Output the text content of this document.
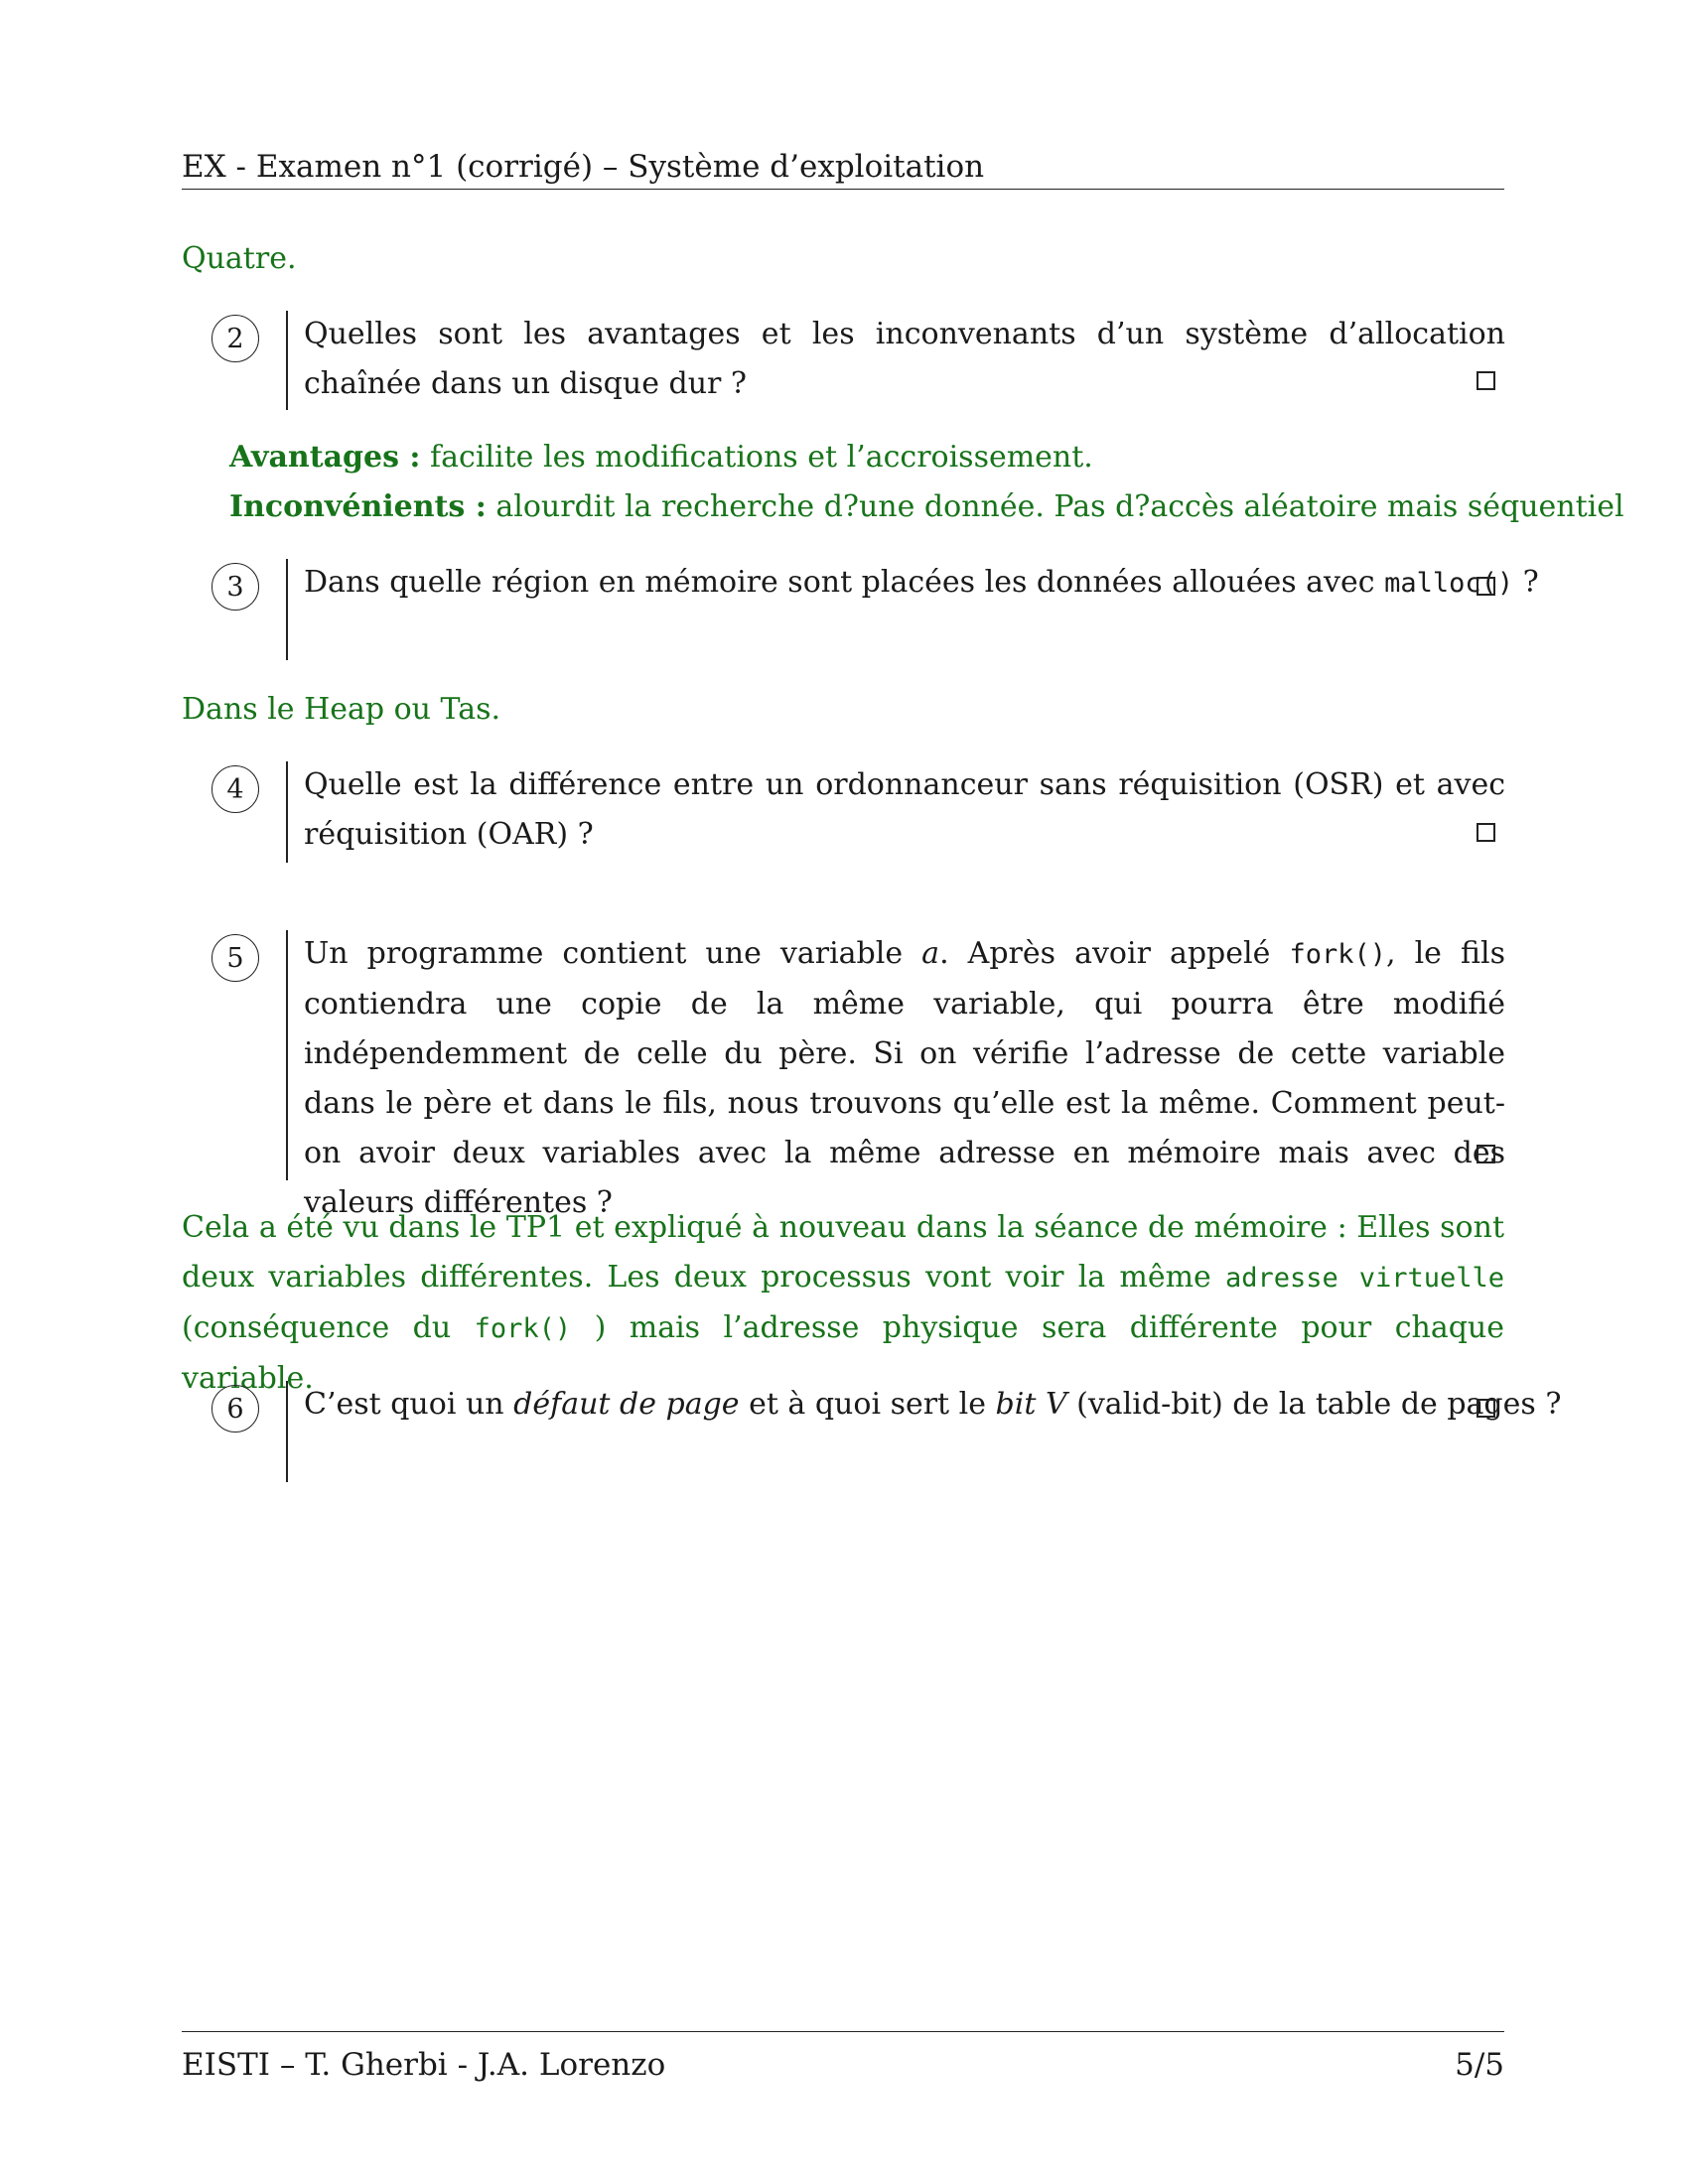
EX - Examen n°1 (corrigé) – Système d’exploitation
Quatre.
2 Quelles sont les avantages et les inconvenants d’un système d’allocation chaînée dans un disque dur ?
Avantages : facilite les modifications et l’accroissement.
Inconvénients : alourdit la recherche d?une donnée. Pas d?accès aléatoire mais séquentiel
3 Dans quelle région en mémoire sont placées les données allouées avec malloc() ?
Dans le Heap ou Tas.
4 Quelle est la différence entre un ordonnanceur sans réquisition (OSR) et avec réquisition (OAR) ?
5 Un programme contient une variable a. Après avoir appelé fork(), le fils contiendra une copie de la même variable, qui pourra être modifié indépendemment de celle du père. Si on vérifie l’adresse de cette variable dans le père et dans le fils, nous trouvons qu’elle est la même. Comment peut-on avoir deux variables avec la même adresse en mémoire mais avec des valeurs différentes ?
Cela a été vu dans le TP1 et expliqué à nouveau dans la séance de mémoire : Elles sont deux variables différentes. Les deux processus vont voir la même adresse virtuelle (conséquence du fork() ) mais l’adresse physique sera différente pour chaque variable.
6 C’est quoi un défaut de page et à quoi sert le bit V (valid-bit) de la table de pages ?
EISTI – T. Gherbi - J.A. Lorenzo	5/5
